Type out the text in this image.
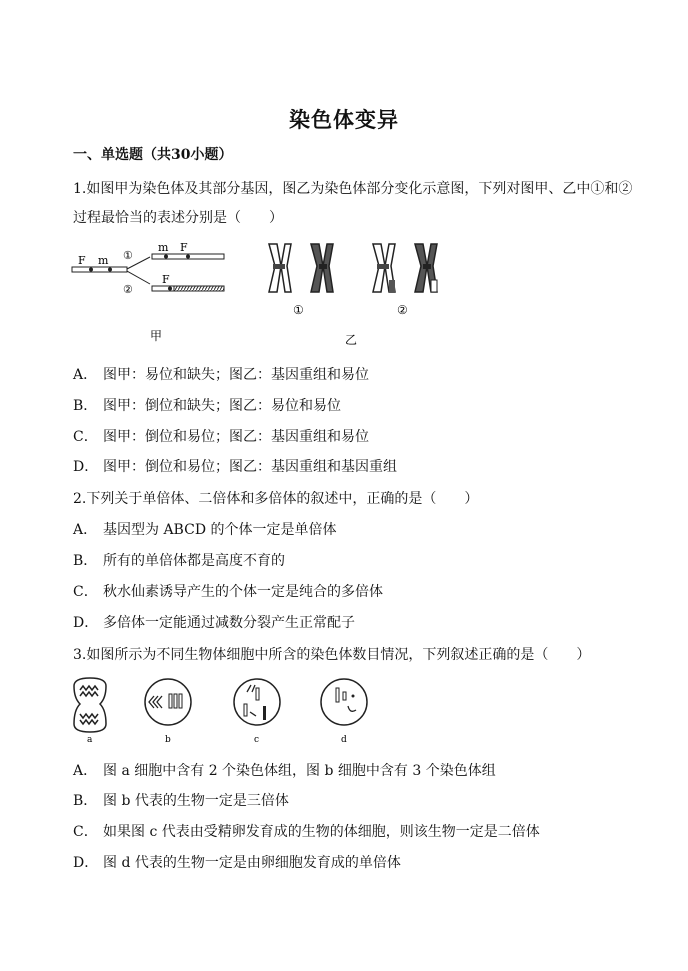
染色体变异
一、单选题（共30小题）
1.如图甲为染色体及其部分基因，图乙为染色体部分变化示意图，下列对图甲、乙中①和②
过程最恰当的表述分别是（　　）
F m ①
②
m F
F
甲
①	②
乙
A． 图甲：易位和缺失；图乙：基因重组和易位
B． 图甲：倒位和缺失；图乙：易位和易位
C． 图甲：倒位和易位；图乙：基因重组和易位
D． 图甲：倒位和易位；图乙：基因重组和基因重组
2.下列关于单倍体、二倍体和多倍体的叙述中，正确的是（　　）
A． 基因型为 ABCD 的个体一定是单倍体
B． 所有的单倍体都是高度不育的
C． 秋水仙素诱导产生的个体一定是纯合的多倍体
D． 多倍体一定能通过减数分裂产生正常配子
3.如图所示为不同生物体细胞中所含的染色体数目情况，下列叙述正确的是（　　）
a	b	c	d
A． 图 a 细胞中含有 2 个染色体组，图 b 细胞中含有 3 个染色体组
B． 图 b 代表的生物一定是三倍体
C． 如果图 c 代表由受精卵发育成的生物的体细胞，则该生物一定是二倍体
D． 图 d 代表的生物一定是由卵细胞发育成的单倍体
